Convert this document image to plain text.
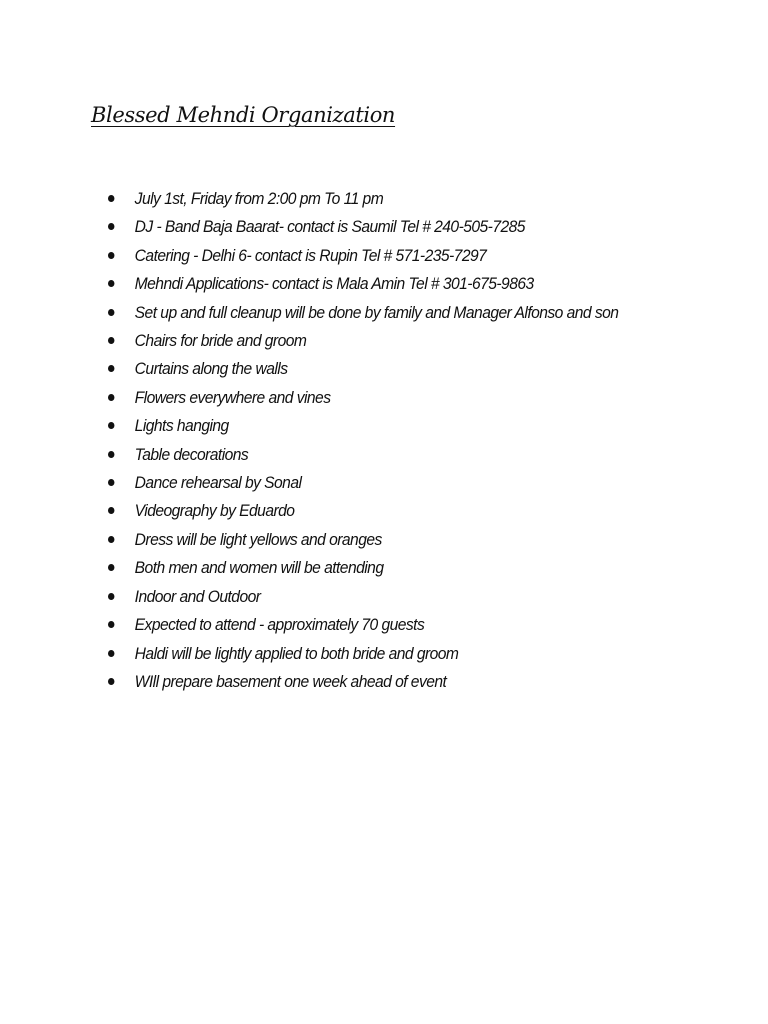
Blessed Mehndi Organization
July 1st, Friday from 2:00 pm To 11 pm
DJ - Band Baja Baarat- contact is Saumil Tel # 240-505-7285
Catering - Delhi 6- contact is Rupin Tel # 571-235-7297
Mehndi Applications- contact is Mala Amin Tel # 301-675-9863
Set up and full cleanup will be done by family and Manager Alfonso and son
Chairs for bride and groom
Curtains along the walls
Flowers everywhere and vines
Lights hanging
Table decorations
Dance rehearsal by Sonal
Videography by Eduardo
Dress will be light yellows and oranges
Both men and women will be attending
Indoor and Outdoor
Expected to attend - approximately 70 guests
Haldi will be lightly applied to both bride and groom
WIll prepare basement one week ahead of event
